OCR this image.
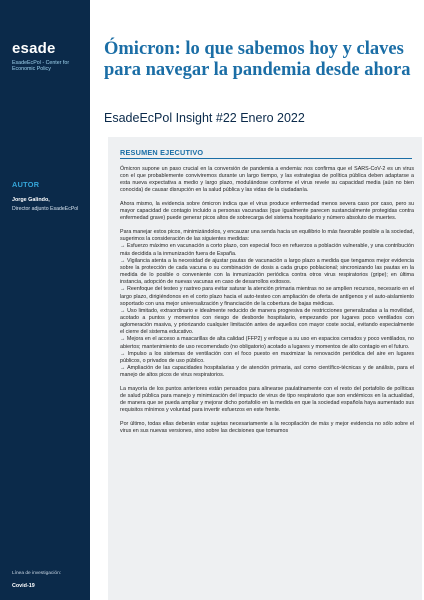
esade
EsadeEcPol - Center for Economic Policy
AUTOR
Jorge Galindo,
Director adjunto EsadeEcPol
Línea de investigación:
Covid-19
Ómicron: lo que sabemos hoy y claves para navegar la pandemia desde ahora
EsadeEcPol Insight #22 Enero 2022
RESUMEN EJECUTIVO

Ómicron supone un paso crucial en la conversión de pandemia a endemia: nos confirma que el SARS-CoV-2 es un virus con el que probablemente conviviremos durante un largo tiempo, y las estrategias de política pública deben adaptarse a esta nueva expectativa a medio y largo plazo, modulándose conforme el virus revele su capacidad media (aún no bien conocida) de causar disrupción en la salud pública y las vidas de la ciudadanía.

Ahora mismo, la evidencia sobre ómicron indica que el virus produce enfermedad menos severa caso por caso, pero su mayor capacidad de contagio incluido a personas vacunadas (que igualmente parecen sustancialmente protegidas contra enfermedad grave) puede generar picos altos de sobrecarga del sistema hospitalario y número absoluto de muertes.

Para manejar estos picos, minimizándolos, y encauzar una senda hacia un equilibrio lo más favorable posible a la sociedad, sugerimos la consideración de las siguientes medidas:

→ Esfuerzo máximo en vacunación a corto plazo, con especial foco en refuerzos a población vulnerable, y una contribución más decidida a la inmunización fuera de España.

→ Vigilancia atenta a la necesidad de ajustar pautas de vacunación a largo plazo a medida que tengamos mejor evidencia sobre la protección de cada vacuna o su combinación de dosis a cada grupo poblacional; sincronizando las pautas en la medida de lo posible o conveniente con la inmunización periódica contra otros virus respiratorios (gripe); en última instancia, adopción de nuevas vacunas en caso de desarrollos exitosos.

→ Reenfoque del testeo y rastreo para evitar saturar la atención primaria mientras no se amplíen recursos, necesario en el largo plazo, dirigiéndonos en el corto plazo hacia el auto-testeo con ampliación de oferta de antígenos y el auto-aislamiento soportado con una mejor universalización y financiación de la cobertura de bajas médicas.

→ Uso limitado, extraordinario e idealmente reducido de manera progresiva de restricciones generalizadas a la movilidad, acotado a puntos y momentos con riesgo de desborde hospitalario, empezando por lugares poco ventilados con aglomeración masiva, y priorizando cualquier limitación antes de aquellos con mayor coste social, evitando especialmente el cierre del sistema educativo.

→ Mejora en el acceso a mascarillas de alta calidad (FFP2) y enfoque a su uso en espacios cerrados y poco ventilados, no abiertos; mantenimiento de uso recomendado (no obligatorio) acotado a lugares y momentos de alto contagio en el futuro.

→ Impulso a los sistemas de ventilación con el foco puesto en maximizar la renovación periódica del aire en lugares públicos, o privados de uso público.

→ Ampliación de las capacidades hospitalarias y de atención primaria, así como científico-técnicas y de análisis, para el manejo de altos picos de virus respiratorios.

La mayoría de los puntos anteriores están pensados para alinearse paulatinamente con el resto del portafolio de políticas de salud pública para manejo y minimización del impacto de virus de tipo respiratorio que son endémicos en la actualidad, de manera que se pueda ampliar y mejorar dicho portafolio en la medida en que la sociedad española haya aumentado sus requisitos mínimos y voluntad para invertir esfuerzos en este frente.

Por último, todas ellas deberán estar sujetas necesariamente a la recopilación de más y mejor evidencia no sólo sobre el virus en sus nuevas versiones, sino sobre las decisiones que tomamos
